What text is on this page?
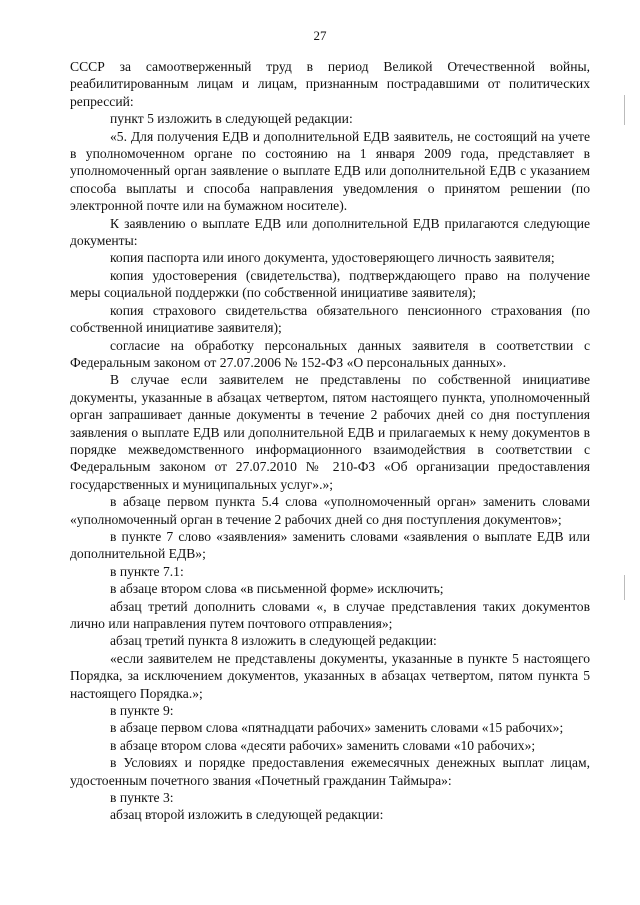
27

СССР за самоотверженный труд в период Великой Отечественной войны, реабилитированным лицам и лицам, признанным пострадавшими от политических репрессий:

пункт 5 изложить в следующей редакции:

«5. Для получения ЕДВ и дополнительной ЕДВ заявитель, не состоящий на учете в уполномоченном органе по состоянию на 1 января 2009 года, представляет в уполномоченный орган заявление о выплате ЕДВ или дополнительной ЕДВ с указанием способа выплаты и способа направления уведомления о принятом решении (по электронной почте или на бумажном носителе).

К заявлению о выплате ЕДВ или дополнительной ЕДВ прилагаются следующие документы:

копия паспорта или иного документа, удостоверяющего личность заявителя;

копия удостоверения (свидетельства), подтверждающего право на получение меры социальной поддержки (по собственной инициативе заявителя);

копия страхового свидетельства обязательного пенсионного страхования (по собственной инициативе заявителя);

согласие на обработку персональных данных заявителя в соответствии с Федеральным законом от 27.07.2006 № 152-ФЗ «О персональных данных».

В случае если заявителем не представлены по собственной инициативе документы, указанные в абзацах четвертом, пятом настоящего пункта, уполномоченный орган запрашивает данные документы в течение 2 рабочих дней со дня поступления заявления о выплате ЕДВ или дополнительной ЕДВ и прилагаемых к нему документов в порядке межведомственного информационного взаимодействия в соответствии с Федеральным законом от 27.07.2010 № 210-ФЗ «Об организации предоставления государственных и муниципальных услуг».»;

в абзаце первом пункта 5.4 слова «уполномоченный орган» заменить словами «уполномоченный орган в течение 2 рабочих дней со дня поступления документов»;

в пункте 7 слово «заявления» заменить словами «заявления о выплате ЕДВ или дополнительной ЕДВ»;

в пункте 7.1:

в абзаце втором слова «в письменной форме» исключить;

абзац третий дополнить словами «, в случае представления таких документов лично или направления путем почтового отправления»;

абзац третий пункта 8 изложить в следующей редакции:

«если заявителем не представлены документы, указанные в пункте 5 настоящего Порядка, за исключением документов, указанных в абзацах четвертом, пятом пункта 5 настоящего Порядка.»;

в пункте 9:

в абзаце первом слова «пятнадцати рабочих» заменить словами «15 рабочих»;

в абзаце втором слова «десяти рабочих» заменить словами «10 рабочих»;

в Условиях и порядке предоставления ежемесячных денежных выплат лицам, удостоенным почетного звания «Почетный гражданин Таймыра»:

в пункте 3:

абзац второй изложить в следующей редакции:
